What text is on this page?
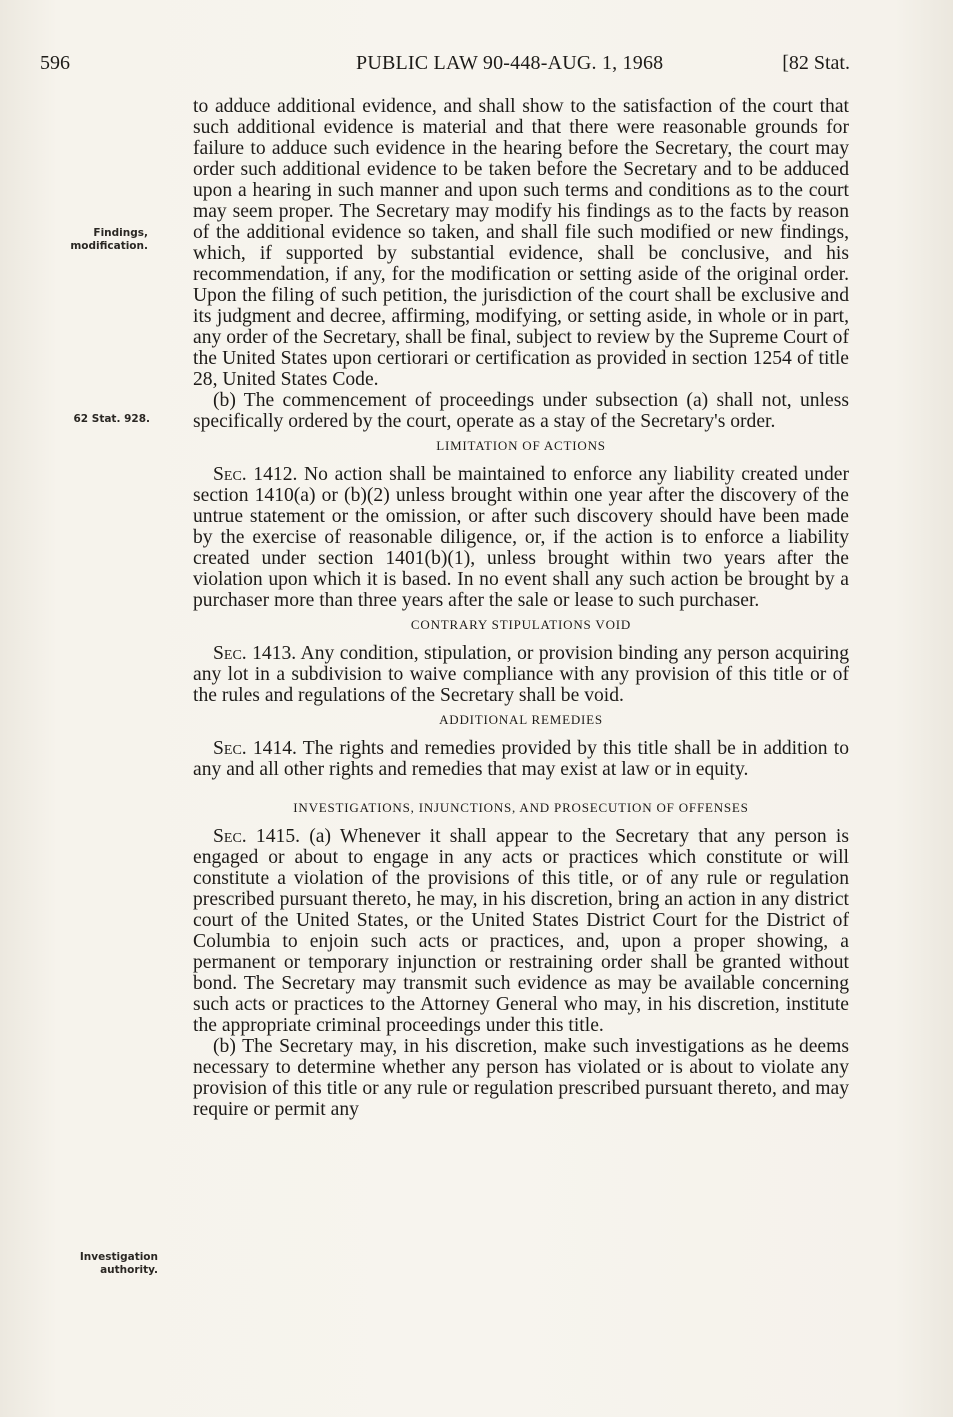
596	PUBLIC LAW 90-448-AUG. 1, 1968	[82 Stat.
Findings, modification.
62 Stat. 928.
Investigation authority.

to adduce additional evidence, and shall show to the satisfaction of the court that such additional evidence is material and that there were reasonable grounds for failure to adduce such evidence in the hearing before the Secretary, the court may order such additional evidence to be taken before the Secretary and to be adduced upon a hearing in such manner and upon such terms and conditions as to the court may seem proper. The Secretary may modify his findings as to the facts by reason of the additional evidence so taken, and shall file such modified or new findings, which, if supported by substantial evidence, shall be conclusive, and his recommendation, if any, for the modification or setting aside of the original order. Upon the filing of such petition, the jurisdiction of the court shall be exclusive and its judgment and decree, affirming, modifying, or setting aside, in whole or in part, any order of the Secretary, shall be final, subject to review by the Supreme Court of the United States upon certiorari or certification as provided in section 1254 of title 28, United States Code.

(b) The commencement of proceedings under subsection (a) shall not, unless specifically ordered by the court, operate as a stay of the Secretary's order.

LIMITATION OF ACTIONS

Sec. 1412. No action shall be maintained to enforce any liability created under section 1410(a) or (b)(2) unless brought within one year after the discovery of the untrue statement or the omission, or after such discovery should have been made by the exercise of reasonable diligence, or, if the action is to enforce a liability created under section 1401(b)(1), unless brought within two years after the violation upon which it is based. In no event shall any such action be brought by a purchaser more than three years after the sale or lease to such purchaser.

CONTRARY STIPULATIONS VOID

Sec. 1413. Any condition, stipulation, or provision binding any person acquiring any lot in a subdivision to waive compliance with any provision of this title or of the rules and regulations of the Secretary shall be void.

ADDITIONAL REMEDIES

Sec. 1414. The rights and remedies provided by this title shall be in addition to any and all other rights and remedies that may exist at law or in equity.

INVESTIGATIONS, INJUNCTIONS, AND PROSECUTION OF OFFENSES

Sec. 1415. (a) Whenever it shall appear to the Secretary that any person is engaged or about to engage in any acts or practices which constitute or will constitute a violation of the provisions of this title, or of any rule or regulation prescribed pursuant thereto, he may, in his discretion, bring an action in any district court of the United States, or the United States District Court for the District of Columbia to enjoin such acts or practices, and, upon a proper showing, a permanent or temporary injunction or restraining order shall be granted without bond. The Secretary may transmit such evidence as may be available concerning such acts or practices to the Attorney General who may, in his discretion, institute the appropriate criminal proceedings under this title.

(b) The Secretary may, in his discretion, make such investigations as he deems necessary to determine whether any person has violated or is about to violate any provision of this title or any rule or regulation prescribed pursuant thereto, and may require or permit any
